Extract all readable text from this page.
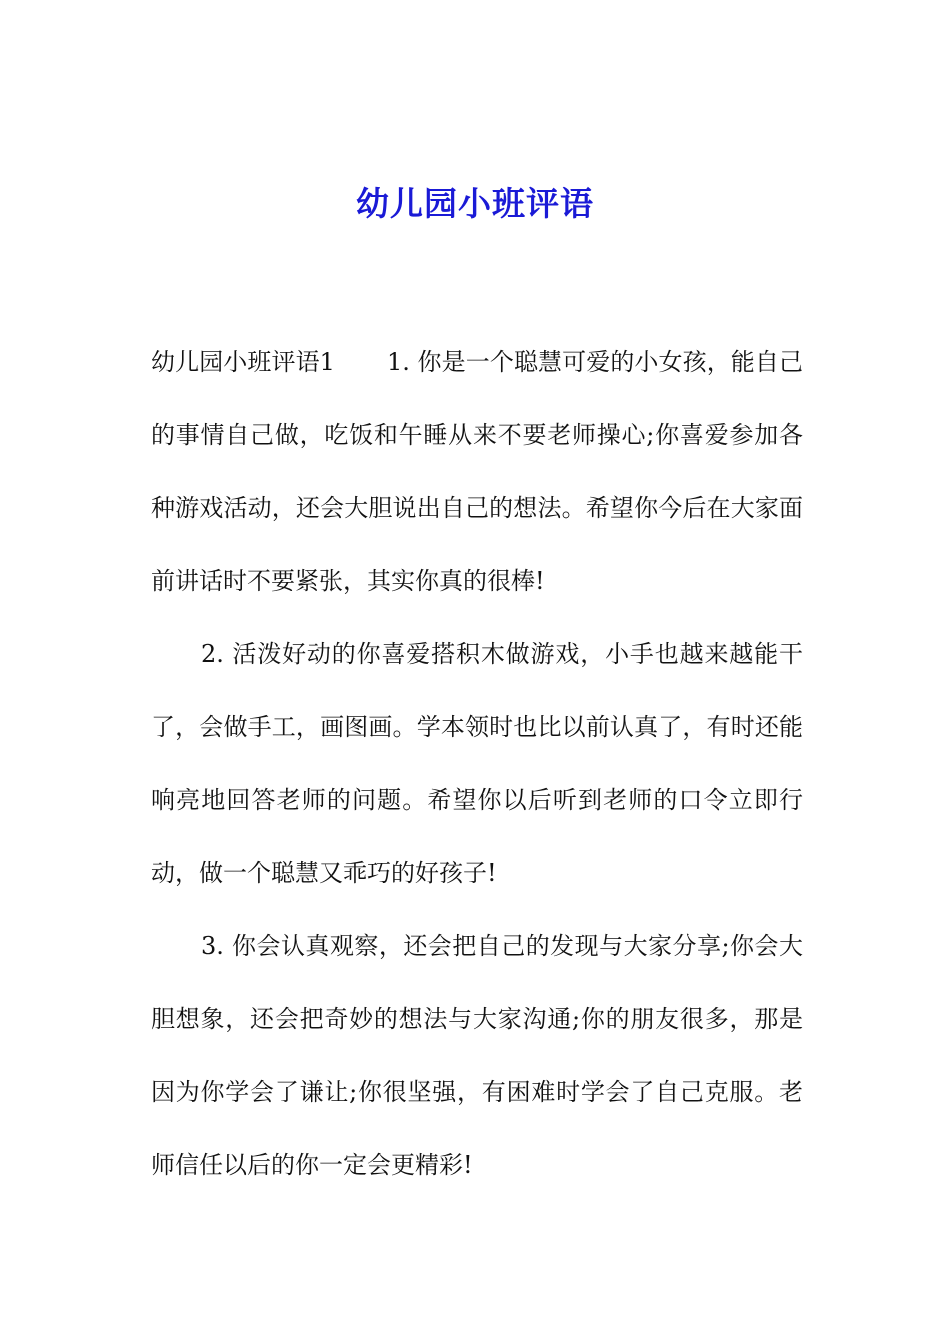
幼儿园小班评语

幼儿园小班评语1 1. 你是一个聪慧可爱的小女孩，能自己的事情自己做，吃饭和午睡从来不要老师操心;你喜爱参加各种游戏活动，还会大胆说出自己的想法。希望你今后在大家面前讲话时不要紧张，其实你真的很棒!

2. 活泼好动的你喜爱搭积木做游戏，小手也越来越能干了，会做手工，画图画。学本领时也比以前认真了，有时还能响亮地回答老师的问题。希望你以后听到老师的口令立即行动，做一个聪慧又乖巧的好孩子!

3. 你会认真观察，还会把自己的发现与大家分享;你会大胆想象，还会把奇妙的想法与大家沟通;你的朋友很多，那是因为你学会了谦让;你很坚强，有困难时学会了自己克服。老师信任以后的你一定会更精彩!
